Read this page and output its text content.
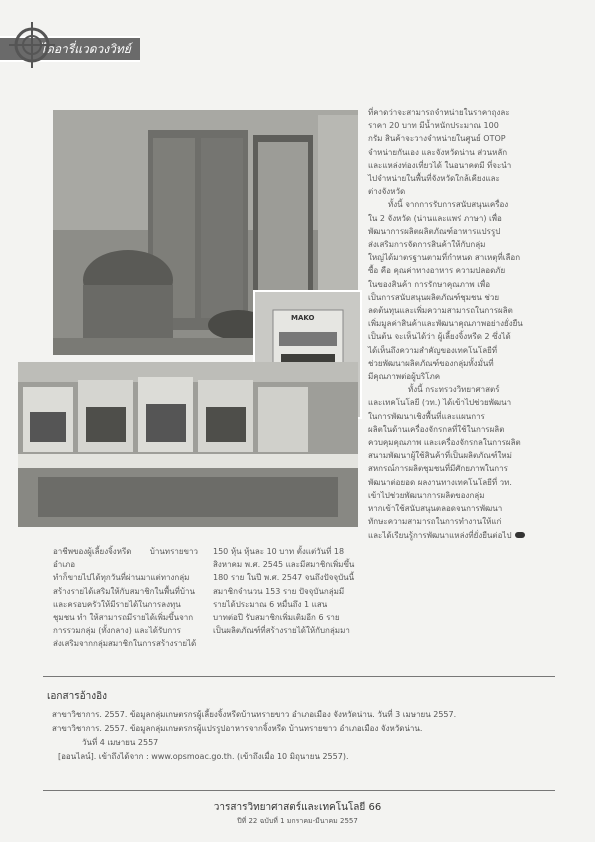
ไดอารี่แวดวงวิทย์
MAKO

ที่คาดว่าจะสามารถจำหน่ายในราคาถุงละ

ราคา 20 บาท มีน้ำหนักประมาณ 100

กรัม สินค้าจะวางจำหน่ายในศูนย์ OTOP

จำหน่ายกันเอง และจังหวัดน่าน ส่วนหลัก

และแหล่งท่องเที่ยวได้ ในอนาคตมี ที่จะนำ

ไปจำหน่ายในพื้นที่จังหวัดใกล้เคียงและ

ต่างจังหวัด

ทั้งนี้ จากการรับการสนับสนุนเครื่อง

ใน 2 จังหวัด (น่านและแพร่ ภาษา) เพื่อ

พัฒนาการผลิตผลิตภัณฑ์อาหารแปรรูป

ส่งเสริมการจัดการสินค้าให้กับกลุ่ม

ใหญ่ได้มาตรฐานตามที่กำหนด สาเหตุที่เลือก

ซื้อ คือ คุณค่าทางอาหาร ความปลอดภัย

ในของสินค้า การรักษาคุณภาพ เพื่อ

เป็นการสนับสนุนผลิตภัณฑ์ชุมชน ช่วย

ลดต้นทุนและเพิ่มความสามารถในการผลิต

เพิ่มมูลค่าสินค้าและพัฒนาคุณภาพอย่างยั่งยืน

เป็นต้น จะเห็นได้ว่า ผู้เลี้ยงจิ้งหรีด 2 ซึ่งได้

ได้เห็นถึงความสำคัญของเทคโนโลยีที่

ช่วยพัฒนาผลิตภัณฑ์ของกลุ่มทั้งมั่นที่

มีคุณภาพต่อผู้บริโภค

ทั้งนี้ กระทรวงวิทยาศาสตร์

และเทคโนโลยี (วท.) ได้เข้าไปช่วยพัฒนา

ในการพัฒนาเชิงพื้นที่และแผนการ

ผลิตในด้านเครื่องจักรกลที่ใช้ในการผลิต

ควบคุมคุณภาพ และเครื่องจักรกลในการผลิต

สนามพัฒนาผู้ใช้สินค้าที่เป็นผลิตภัณฑ์ใหม่

สหกรณ์การผลิตชุมชนที่มีศักยภาพในการ

พัฒนาต่อยอด ผลงานทางเทคโนโลยีที่ วท.

เข้าไปช่วยพัฒนาการผลิตของกลุ่ม

หากเข้าใช้สนับสนุนตลอดจนการพัฒนา

ทักษะความสามารถในการทำงานให้แก่

และได้เรียนรู้การพัฒนาแหล่งที่ยั่งยืนต่อไป

อาชีพของผู้เลี้ยงจิ้งหรีด บ้านทรายขาว อำเภอ

ทำก็ขายไปได้ทุกวันที่ผ่านมาแต่ทางกลุ่ม

สร้างรายได้เสริมให้กับสมาชิกในพื้นที่บ้าน

และครอบครัวให้มีรายได้ในการลงทุน

ชุมชน ทำ ให้สามารถมีรายได้เพิ่มขึ้นจาก

การรวมกลุ่ม (ทั้งกลาง) และได้รับการ

ส่งเสริมจากกลุ่มสมาชิกในการสร้างรายได้

150 หุ้น หุ้นละ 10 บาท ตั้งแต่วันที่ 18

สิงหาคม พ.ศ. 2545 และมีสมาชิกเพิ่มขึ้น

180 ราย ในปี พ.ศ. 2547 จนถึงปัจจุบันนี้

สมาชิกจำนวน 153 ราย ปัจจุบันกลุ่มมี

รายได้ประมาณ 6 หมื่นถึง 1 แสน

บาทต่อปี รับสมาชิกเพิ่มเติมอีก 6 ราย

เป็นผลิตภัณฑ์ที่สร้างรายได้ให้กับกลุ่มมา

เอกสารอ้างอิง

สาขาวิชาการ. 2557. ข้อมูลกลุ่มเกษตรกรผู้เลี้ยงจิ้งหรีดบ้านทรายขาว อำเภอเมือง จังหวัดน่าน. วันที่ 3 เมษายน 2557.

สาขาวิชาการ. 2557. ข้อมูลกลุ่มเกษตรกรผู้แปรรูปอาหารจากจิ้งหรีด บ้านทรายขาว อำเภอเมือง จังหวัดน่าน.

วันที่ 4 เมษายน 2557

[ออนไลน์]. เข้าถึงได้จาก : www.opsmoac.go.th. (เข้าถึงเมื่อ 10 มิถุนายน 2557).

วารสารวิทยาศาสตร์และเทคโนโลยี 66
ปีที่ 22 ฉบับที่ 1 มกราคม-มีนาคม 2557
